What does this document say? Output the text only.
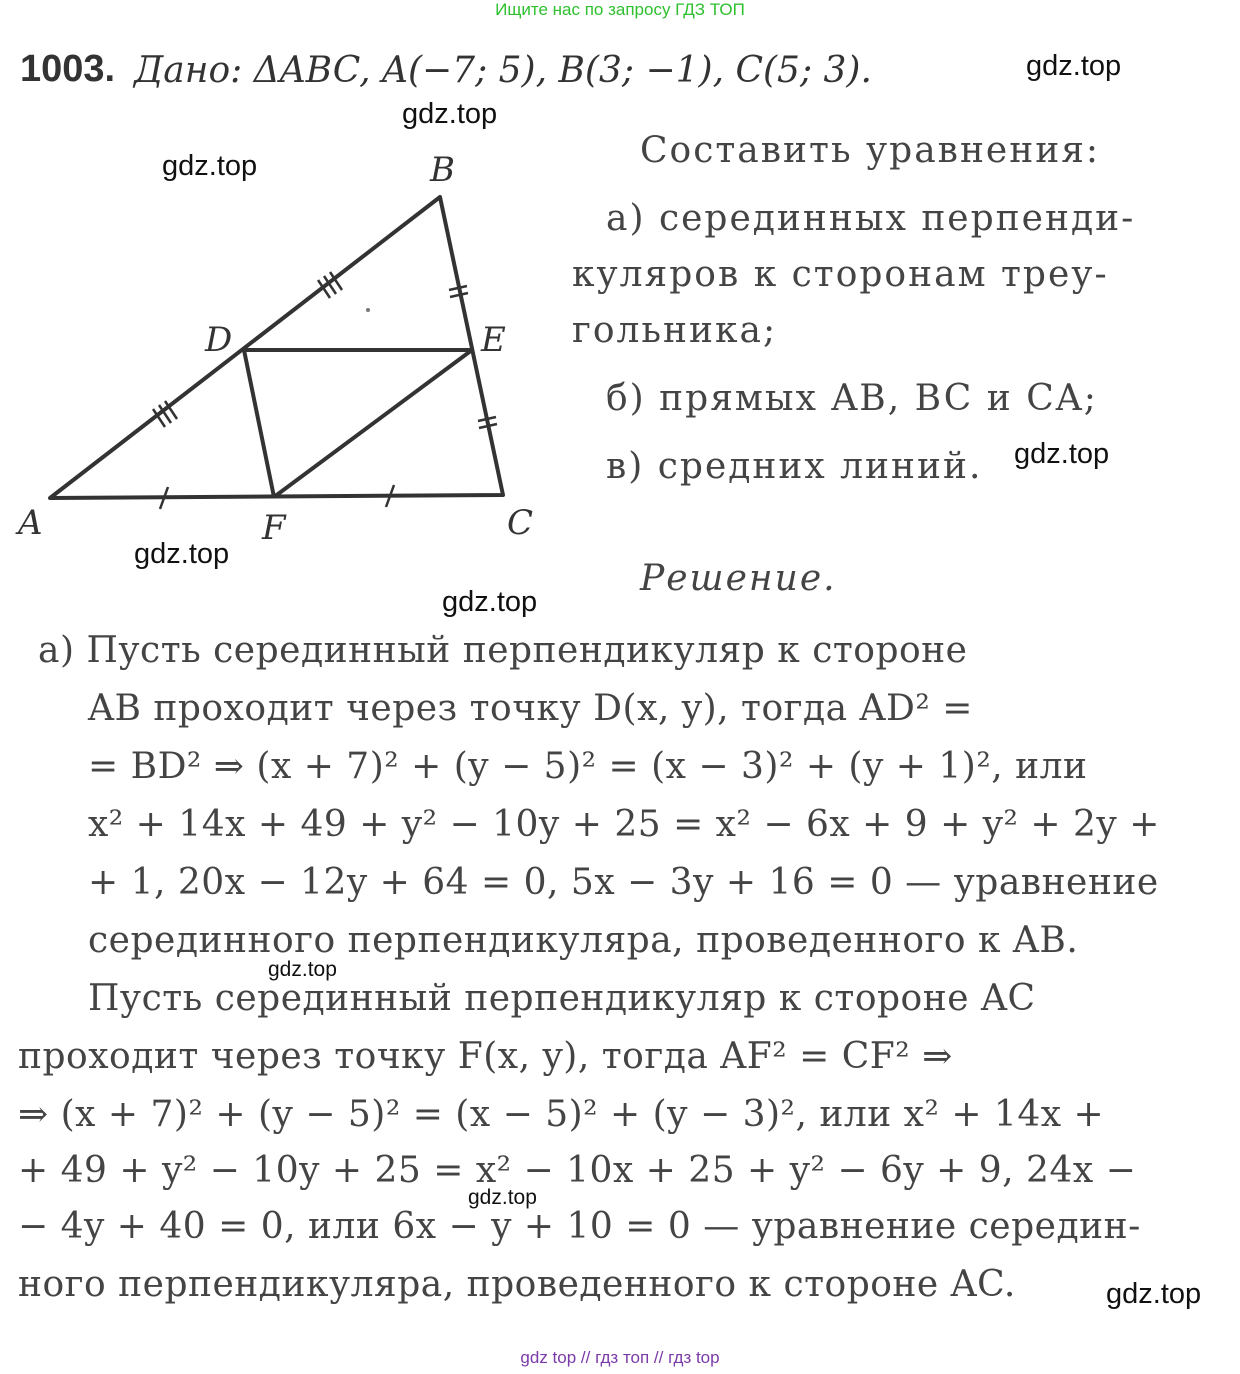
Ищите нас по запросу ГДЗ ТОП
gdz top // гдз топ // гдз top
1003. Дано: ΔABC, A(−7; 5), B(3; −1), C(5; 3).
A
B
C
D	E
F
Составить уравнения:
а) серединных перпенди-
куляров к сторонам треу-
гольника;
б) прямых AB, BC и CA;
в) средних линий.
Решение.
а) Пусть серединный перпендикуляр к стороне
AB проходит через точку D(x, y), тогда AD² =
= BD² ⇒ (x + 7)² + (y − 5)² = (x − 3)² + (y + 1)², или
x² + 14x + 49 + y² − 10y + 25 = x² − 6x + 9 + y² + 2y +
+ 1, 20x − 12y + 64 = 0, 5x − 3y + 16 = 0 — уравнение
серединного перпендикуляра, проведенного к AB.
Пусть серединный перпендикуляр к стороне AC
проходит через точку F(x, y), тогда AF² = CF² ⇒
⇒ (x + 7)² + (y − 5)² = (x − 5)² + (y − 3)², или x² + 14x +
+ 49 + y² − 10y + 25 = x² − 10x + 25 + y² − 6y + 9, 24x −
− 4y + 40 = 0, или 6x − y + 10 = 0 — уравнение середин-
ного перпендикуляра, проведенного к стороне AC.
gdz.top
gdz.top
gdz.top
gdz.top
gdz.top
gdz.top
gdz.top
gdz.top
gdz.top
